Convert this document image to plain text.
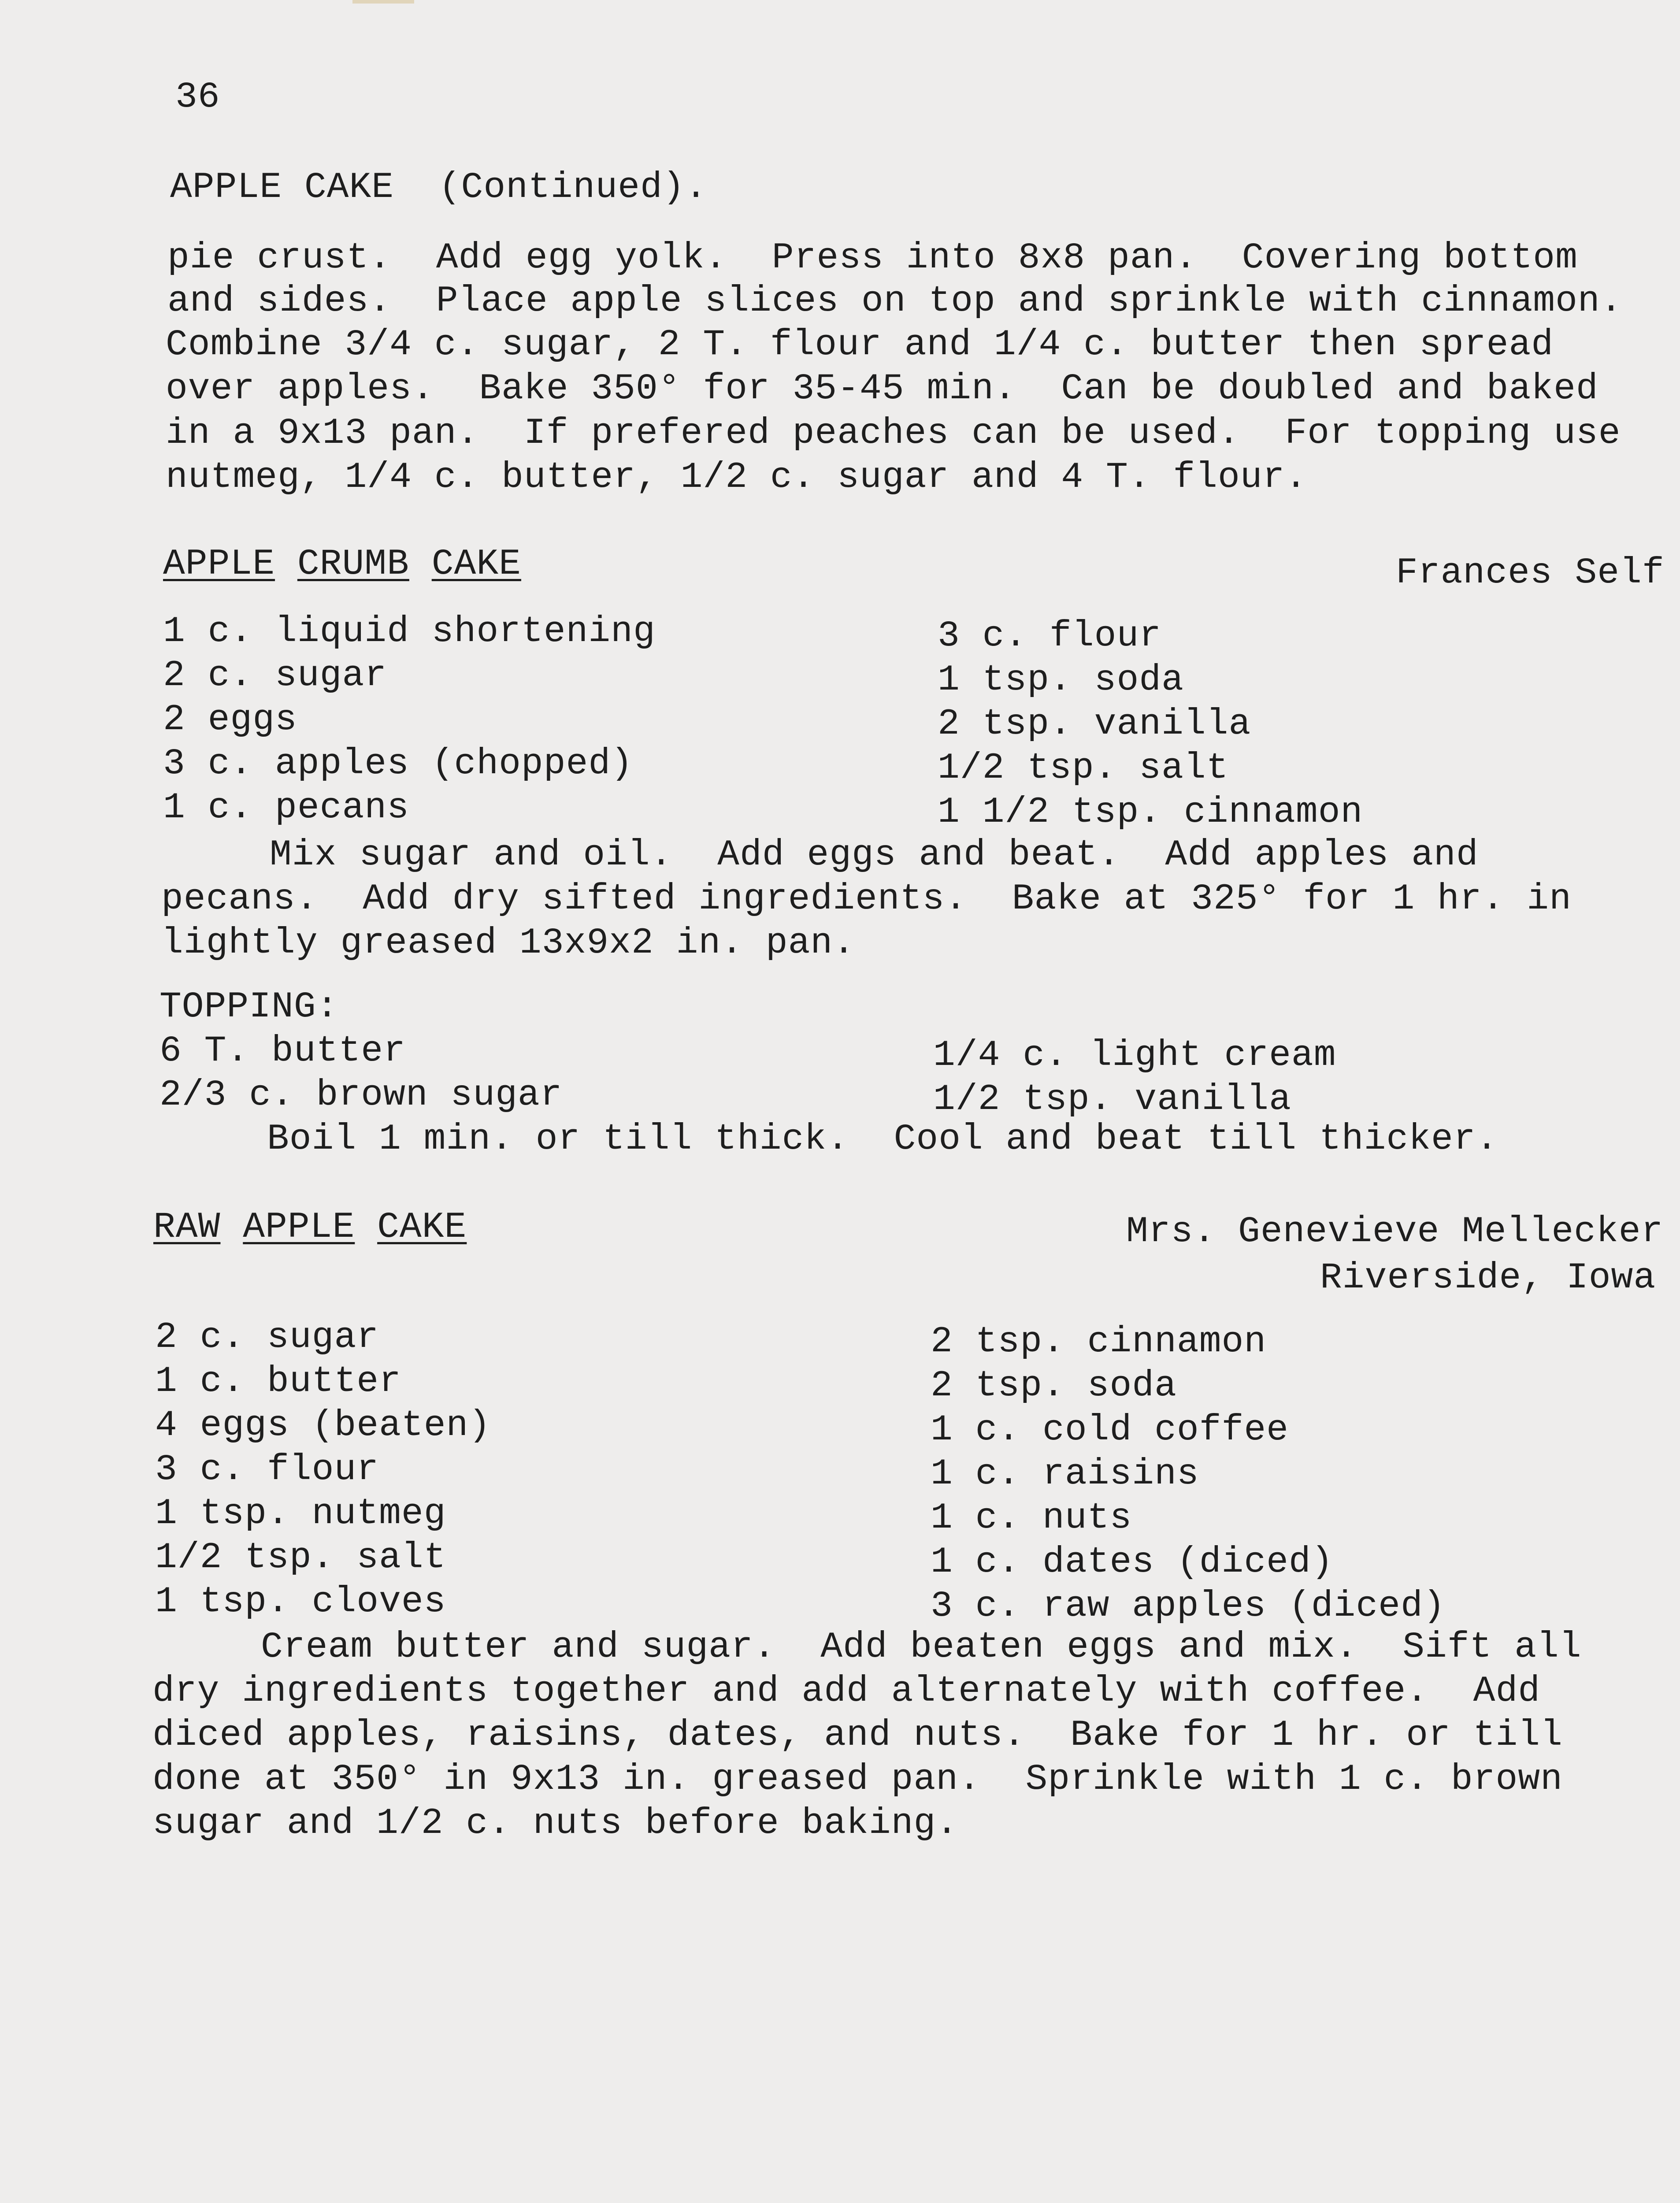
36
APPLE CAKE  (Continued).
pie crust.  Add egg yolk.  Press into 8x8 pan.  Covering bottom
and sides.  Place apple slices on top and sprinkle with cinnamon.
Combine 3/4 c. sugar, 2 T. flour and 1/4 c. butter then spread
over apples.  Bake 350° for 35-45 min.  Can be doubled and baked
in a 9x13 pan.  If prefered peaches can be used.  For topping use
nutmeg, 1/4 c. butter, 1/2 c. sugar and 4 T. flour.
APPLE CRUMB CAKE	Frances Self
1 c. liquid shortening
2 c. sugar
2 eggs
3 c. apples (chopped)
1 c. pecans
3 c. flour
1 tsp. soda
2 tsp. vanilla
1/2 tsp. salt
1 1/2 tsp. cinnamon
Mix sugar and oil.  Add eggs and beat.  Add apples and
pecans.  Add dry sifted ingredients.  Bake at 325° for 1 hr. in
lightly greased 13x9x2 in. pan.
TOPPING:
6 T. butter
2/3 c. brown sugar
1/4 c. light cream
1/2 tsp. vanilla
Boil 1 min. or till thick.  Cool and beat till thicker.
RAW APPLE CAKE	Mrs. Genevieve Mellecker
Riverside, Iowa
2 c. sugar
1 c. butter
4 eggs (beaten)
3 c. flour
1 tsp. nutmeg
1/2 tsp. salt
1 tsp. cloves
2 tsp. cinnamon
2 tsp. soda
1 c. cold coffee
1 c. raisins
1 c. nuts
1 c. dates (diced)
3 c. raw apples (diced)
Cream butter and sugar.  Add beaten eggs and mix.  Sift all
dry ingredients together and add alternately with coffee.  Add
diced apples, raisins, dates, and nuts.  Bake for 1 hr. or till
done at 350° in 9x13 in. greased pan.  Sprinkle with 1 c. brown
sugar and 1/2 c. nuts before baking.
